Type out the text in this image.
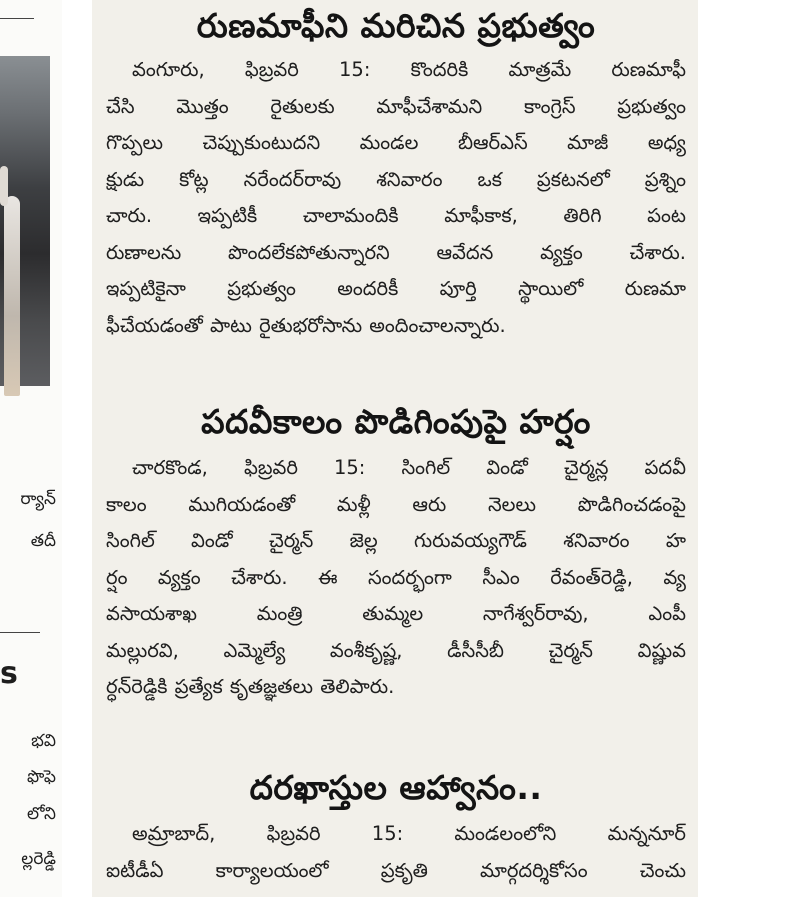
ర్యాన్
తదీ
s
భవి
ఫొఫె
లోని
ల్లరెడ్డి
రుణమాఫీని మరిచిన ప్రభుత్వం
వంగూరు, ఫిబ్రవరి 15: కొందరికి మాత్రమే రుణమాఫీ
చేసి మొత్తం రైతులకు మాఫీచేశామని కాంగ్రెస్ ప్రభుత్వం
గొప్పలు చెప్పుకుంటుదని మండల బీఆర్ఎస్ మాజీ అధ్య
క్షుడు కోట్ల నరేందర్‌రావు శనివారం ఒక ప్రకటనలో ప్రశ్నిం
చారు. ఇప్పటికీ చాలామందికి మాఫీకాక, తిరిగి పంట
రుణాలను పొందలేకపోతున్నారని ఆవేదన వ్యక్తం చేశారు.
ఇప్పటికైనా ప్రభుత్వం అందరికీ పూర్తి స్థాయిలో రుణమా
ఫీచేయడంతో పాటు రైతుభరోసాను అందించాలన్నారు.
పదవీకాలం పొడిగింపుపై హర్షం
చారకొండ, ఫిబ్రవరి 15: సింగిల్ విండో చైర్మన్ల పదవీ
కాలం ముగియడంతో మళ్లీ ఆరు నెలలు పొడిగించడంపై
సింగిల్ విండో చైర్మన్ జెల్ల గురువయ్యగౌడ్ శనివారం హ
ర్షం వ్యక్తం చేశారు. ఈ సందర్భంగా సీఎం రేవంత్‌రెడ్డి, వ్య
వసాయశాఖ మంత్రి తుమ్మల నాగేశ్వర్‌రావు, ఎంపీ
మల్లురవి, ఎమ్మెల్యే వంశీకృష్ణ, డీసీసీబీ చైర్మన్ విష్ణువ
ర్ధన్‌రెడ్డికి ప్రత్యేక కృతజ్ఞతలు తెలిపారు.
దరఖాస్తుల ఆహ్వానం..
అమ్రాబాద్, ఫిబ్రవరి 15: మండలంలోని మన్ననూర్
ఐటీడీఏ కార్యాలయంలో ప్రకృతి మార్గదర్శికోసం చెంచు
